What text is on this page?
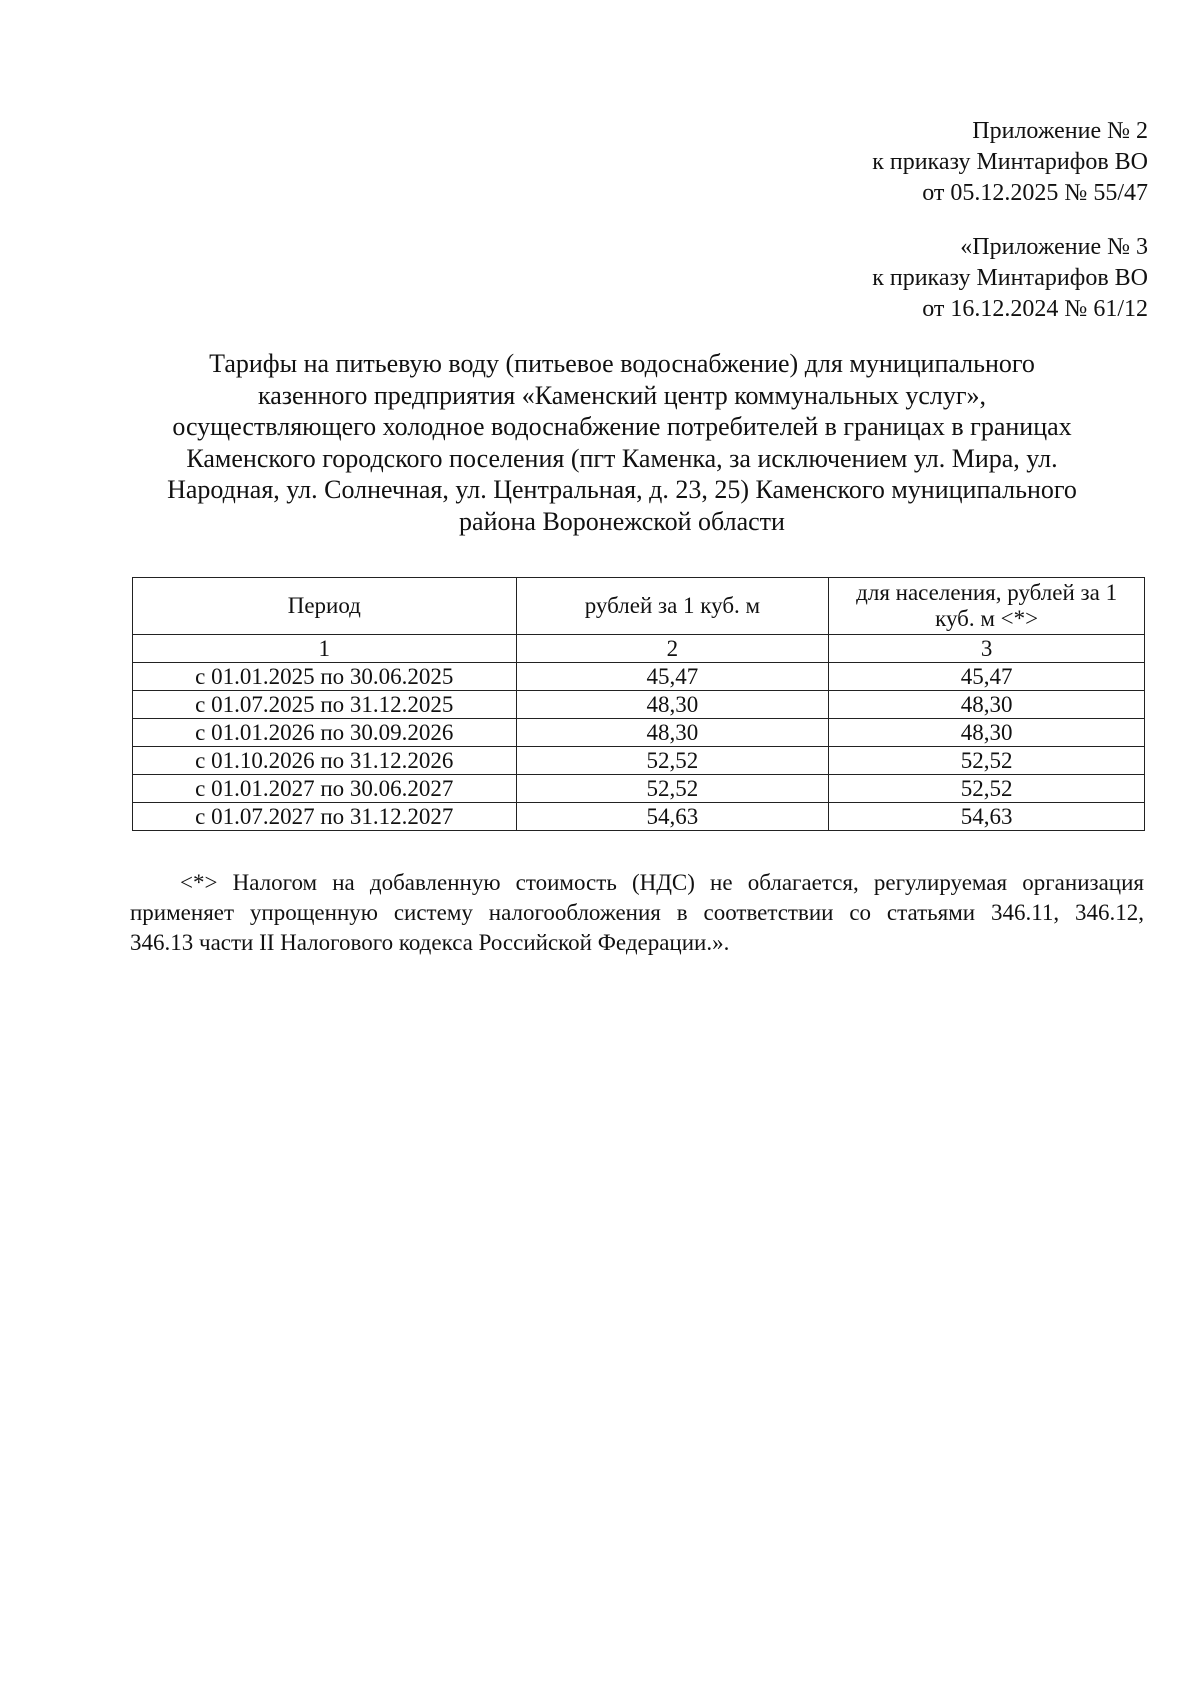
Приложение № 2
к приказу Минтарифов ВО
от 05.12.2025 № 55/47
«Приложение № 3
к приказу Минтарифов ВО
от 16.12.2024 № 61/12
Тарифы на питьевую воду (питьевое водоснабжение) для муниципального
казенного предприятия «Каменский центр коммунальных услуг»,
осуществляющего холодное водоснабжение потребителей в границах в границах
Каменского городского поселения (пгт Каменка, за исключением ул. Мира, ул.
Народная, ул. Солнечная, ул. Центральная, д. 23, 25) Каменского муниципального
района Воронежской области
Период	рублей за 1 куб. м	для населения, рублей за 1 куб. м <*>
1	2	3
с 01.01.2025 по 30.06.2025	45,47	45,47
с 01.07.2025 по 31.12.2025	48,30	48,30
с 01.01.2026 по 30.09.2026	48,30	48,30
с 01.10.2026 по 31.12.2026	52,52	52,52
с 01.01.2027 по 30.06.2027	52,52	52,52
с 01.07.2027 по 31.12.2027	54,63	54,63
<*> Налогом на добавленную стоимость (НДС) не облагается, регулируемая организация
применяет упрощенную систему налогообложения в соответствии со статьями 346.11, 346.12,
346.13 части II Налогового кодекса Российской Федерации.».
